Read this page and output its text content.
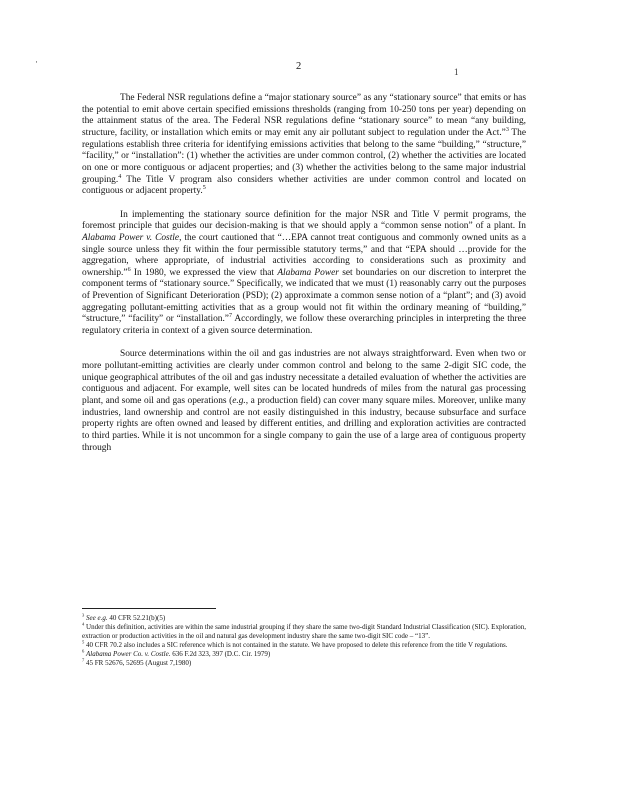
·
1
2

The Federal NSR regulations define a “major stationary source” as any “stationary source” that emits or has the potential to emit above certain specified emissions thresholds (ranging from 10-250 tons per year) depending on the attainment status of the area. The Federal NSR regulations define “stationary source” to mean “any building, structure, facility, or installation which emits or may emit any air pollutant subject to regulation under the Act.”$^3$ The regulations establish three criteria for identifying emissions activities that belong to the same “building,” “structure,” “facility,” or “installation”: (1) whether the activities are under common control, (2) whether the activities are located on one or more contiguous or adjacent properties; and (3) whether the activities belong to the same major industrial grouping.$^4$ The Title V program also considers whether activities are under common control and located on contiguous or adjacent property.$^5$

In implementing the stationary source definition for the major NSR and Title V permit programs, the foremost principle that guides our decision-making is that we should apply a “common sense notion” of a plant. In Alabama Power v. Costle, the court cautioned that “…EPA cannot treat contiguous and commonly owned units as a single source unless they fit within the four permissible statutory terms,” and that “EPA should …provide for the aggregation, where appropriate, of industrial activities according to considerations such as proximity and ownership.”$^6$ In 1980, we expressed the view that Alabama Power set boundaries on our discretion to interpret the component terms of “stationary source.” Specifically, we indicated that we must (1) reasonably carry out the purposes of Prevention of Significant Deterioration (PSD); (2) approximate a common sense notion of a “plant”; and (3) avoid aggregating pollutant-emitting activities that as a group would not fit within the ordinary meaning of “building,” “structure,” “facility” or “installation.”$^7$ Accordingly, we follow these overarching principles in interpreting the three regulatory criteria in context of a given source determination.

Source determinations within the oil and gas industries are not always straightforward. Even when two or more pollutant-emitting activities are clearly under common control and belong to the same 2-digit SIC code, the unique geographical attributes of the oil and gas industry necessitate a detailed evaluation of whether the activities are contiguous and adjacent. For example, well sites can be located hundreds of miles from the natural gas processing plant, and some oil and gas operations (e.g., a production field) can cover many square miles. Moreover, unlike many industries, land ownership and control are not easily distinguished in this industry, because subsurface and surface property rights are often owned and leased by different entities, and drilling and exploration activities are contracted to third parties. While it is not uncommon for a single company to gain the use of a large area of contiguous property through

$^3$ See e.g. 40 CFR 52.21(b)(5)

$^4$ Under this definition, activities are within the same industrial grouping if they share the same two-digit Standard Industrial Classification (SIC). Exploration, extraction or production activities in the oil and natural gas development industry share the same two-digit SIC code – “13”.

$^5$ 40 CFR 70.2 also includes a SIC reference which is not contained in the statute. We have proposed to delete this reference from the title V regulations.

$^6$ Alabama Power Co. v. Costle. 636 F.2d 323, 397 (D.C. Cir. 1979)

$^7$ 45 FR 52676, 52695 (August 7,1980)
